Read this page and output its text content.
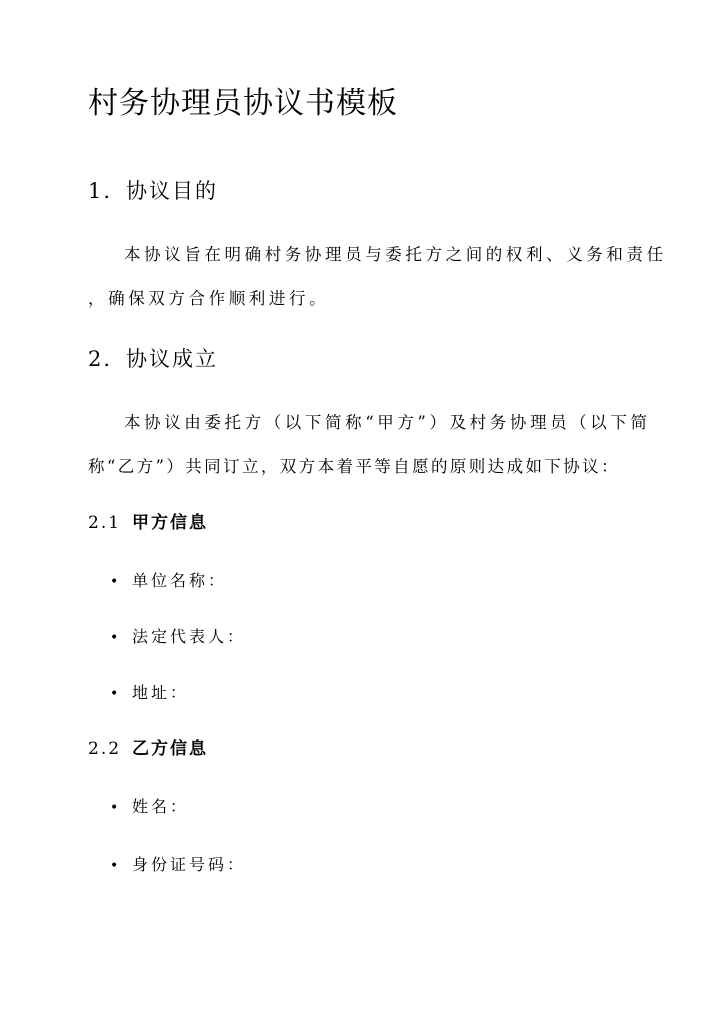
村务协理员协议书模板
1. 协议目的
本协议旨在明确村务协理员与委托方之间的权利、义务和责任
，确保双方合作顺利进行。
2. 协议成立
本协议由委托方（以下简称“甲方”）及村务协理员（以下简
称“乙方”）共同订立，双方本着平等自愿的原则达成如下协议：
2.1 甲方信息
• 单位名称：
• 法定代表人：
• 地址：
2.2 乙方信息
• 姓名：
• 身份证号码：
